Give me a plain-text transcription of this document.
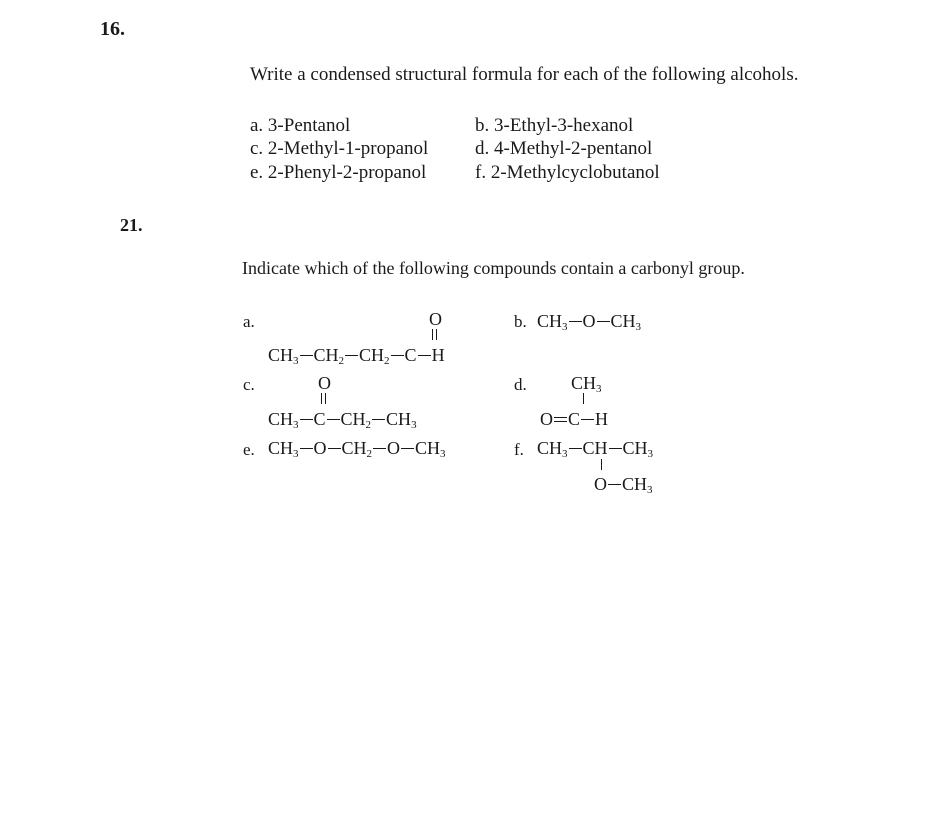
16.

Write a condensed structural formula for each of the following alcohols.

a. 3-Pentanol	b. 3-Ethyl-3-hexanol
c. 2-Methyl-1-propanol d. 4-Methyl-2-pentanol
e. 2-Phenyl-2-propanol	f. 2-Methylcyclobutanol
21.

Indicate which of the following compounds contain a carbonyl group.

a.	O
$CH_3$ $CH_2$ $CH_2$ C H
b. $CH_3$ O $CH_3$
c.	O
$CH_3$ C $CH_2$ $CH_3$
d. $CH_3$
O C H
e. $CH_3$ O $CH_2$ O $CH_3$	f. $CH_3$ CH $CH_3$
O $CH_3$
